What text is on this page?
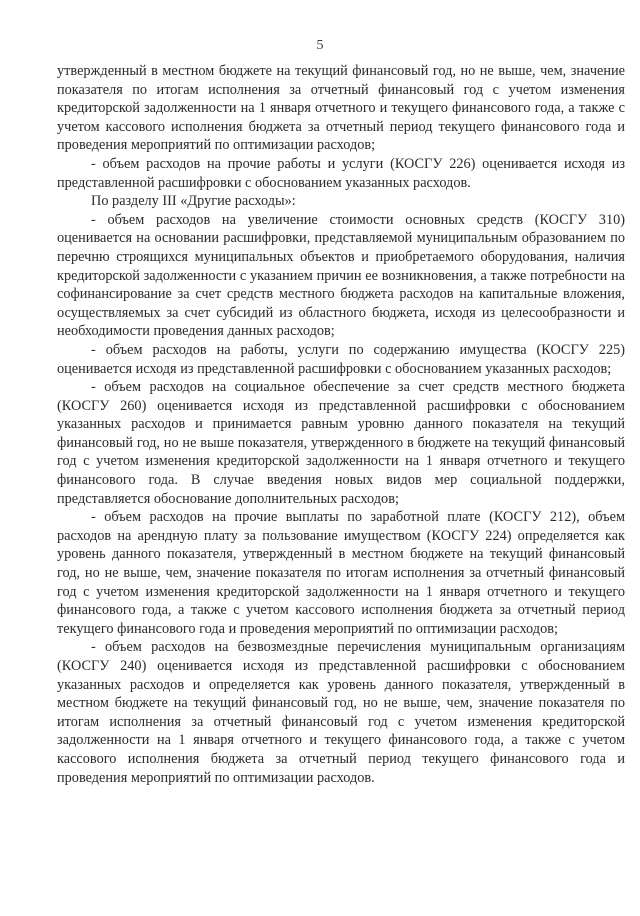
5

утвержденный в местном бюджете на текущий финансовый год, но не выше, чем, значение показателя по итогам исполнения за отчетный финансовый год с учетом изменения кредиторской задолженности на 1 января отчетного и текущего финансового года, а также с учетом кассового исполнения бюджета за отчетный период текущего финансового года и проведения мероприятий по оптимизации расходов;

- объем расходов на прочие работы и услуги (КОСГУ 226) оценивается исходя из представленной расшифровки с обоснованием указанных расходов.

По разделу III «Другие расходы»:

- объем расходов на увеличение стоимости основных средств (КОСГУ 310) оценивается на основании расшифровки, представляемой муниципальным образованием по перечню строящихся муниципальных объектов и приобретаемого оборудования, наличия кредиторской задолженности с указанием причин ее возникновения, а также потребности на софинансирование за счет средств местного бюджета расходов на капитальные вложения, осуществляемых за счет субсидий из областного бюджета, исходя из целесообразности и необходимости проведения данных расходов;

- объем расходов на работы, услуги по содержанию имущества (КОСГУ 225) оценивается исходя из представленной расшифровки с обоснованием указанных расходов;

- объем расходов на социальное обеспечение за счет средств местного бюджета (КОСГУ 260) оценивается исходя из представленной расшифровки с обоснованием указанных расходов и принимается равным уровню данного показателя на текущий финансовый год, но не выше показателя, утвержденного в бюджете на текущий финансовый год с учетом изменения кредиторской задолженности на 1 января отчетного и текущего финансового года. В случае введения новых видов мер социальной поддержки, представляется обоснование дополнительных расходов;

- объем расходов на прочие выплаты по заработной плате (КОСГУ 212), объем расходов на арендную плату за пользование имуществом (КОСГУ 224) определяется как уровень данного показателя, утвержденный в местном бюджете на текущий финансовый год, но не выше, чем, значение показателя по итогам исполнения за отчетный финансовый год с учетом изменения кредиторской задолженности на 1 января отчетного и текущего финансового года, а также с учетом кассового исполнения бюджета за отчетный период текущего финансового года и проведения мероприятий по оптимизации расходов;

- объем расходов на безвозмездные перечисления муниципальным организациям (КОСГУ 240) оценивается исходя из представленной расшифровки с обоснованием указанных расходов и определяется как уровень данного показателя, утвержденный в местном бюджете на текущий финансовый год, но не выше, чем, значение показателя по итогам исполнения за отчетный финансовый год с учетом изменения кредиторской задолженности на 1 января отчетного и текущего финансового года, а также с учетом кассового исполнения бюджета за отчетный период текущего финансового года и проведения мероприятий по оптимизации расходов.
